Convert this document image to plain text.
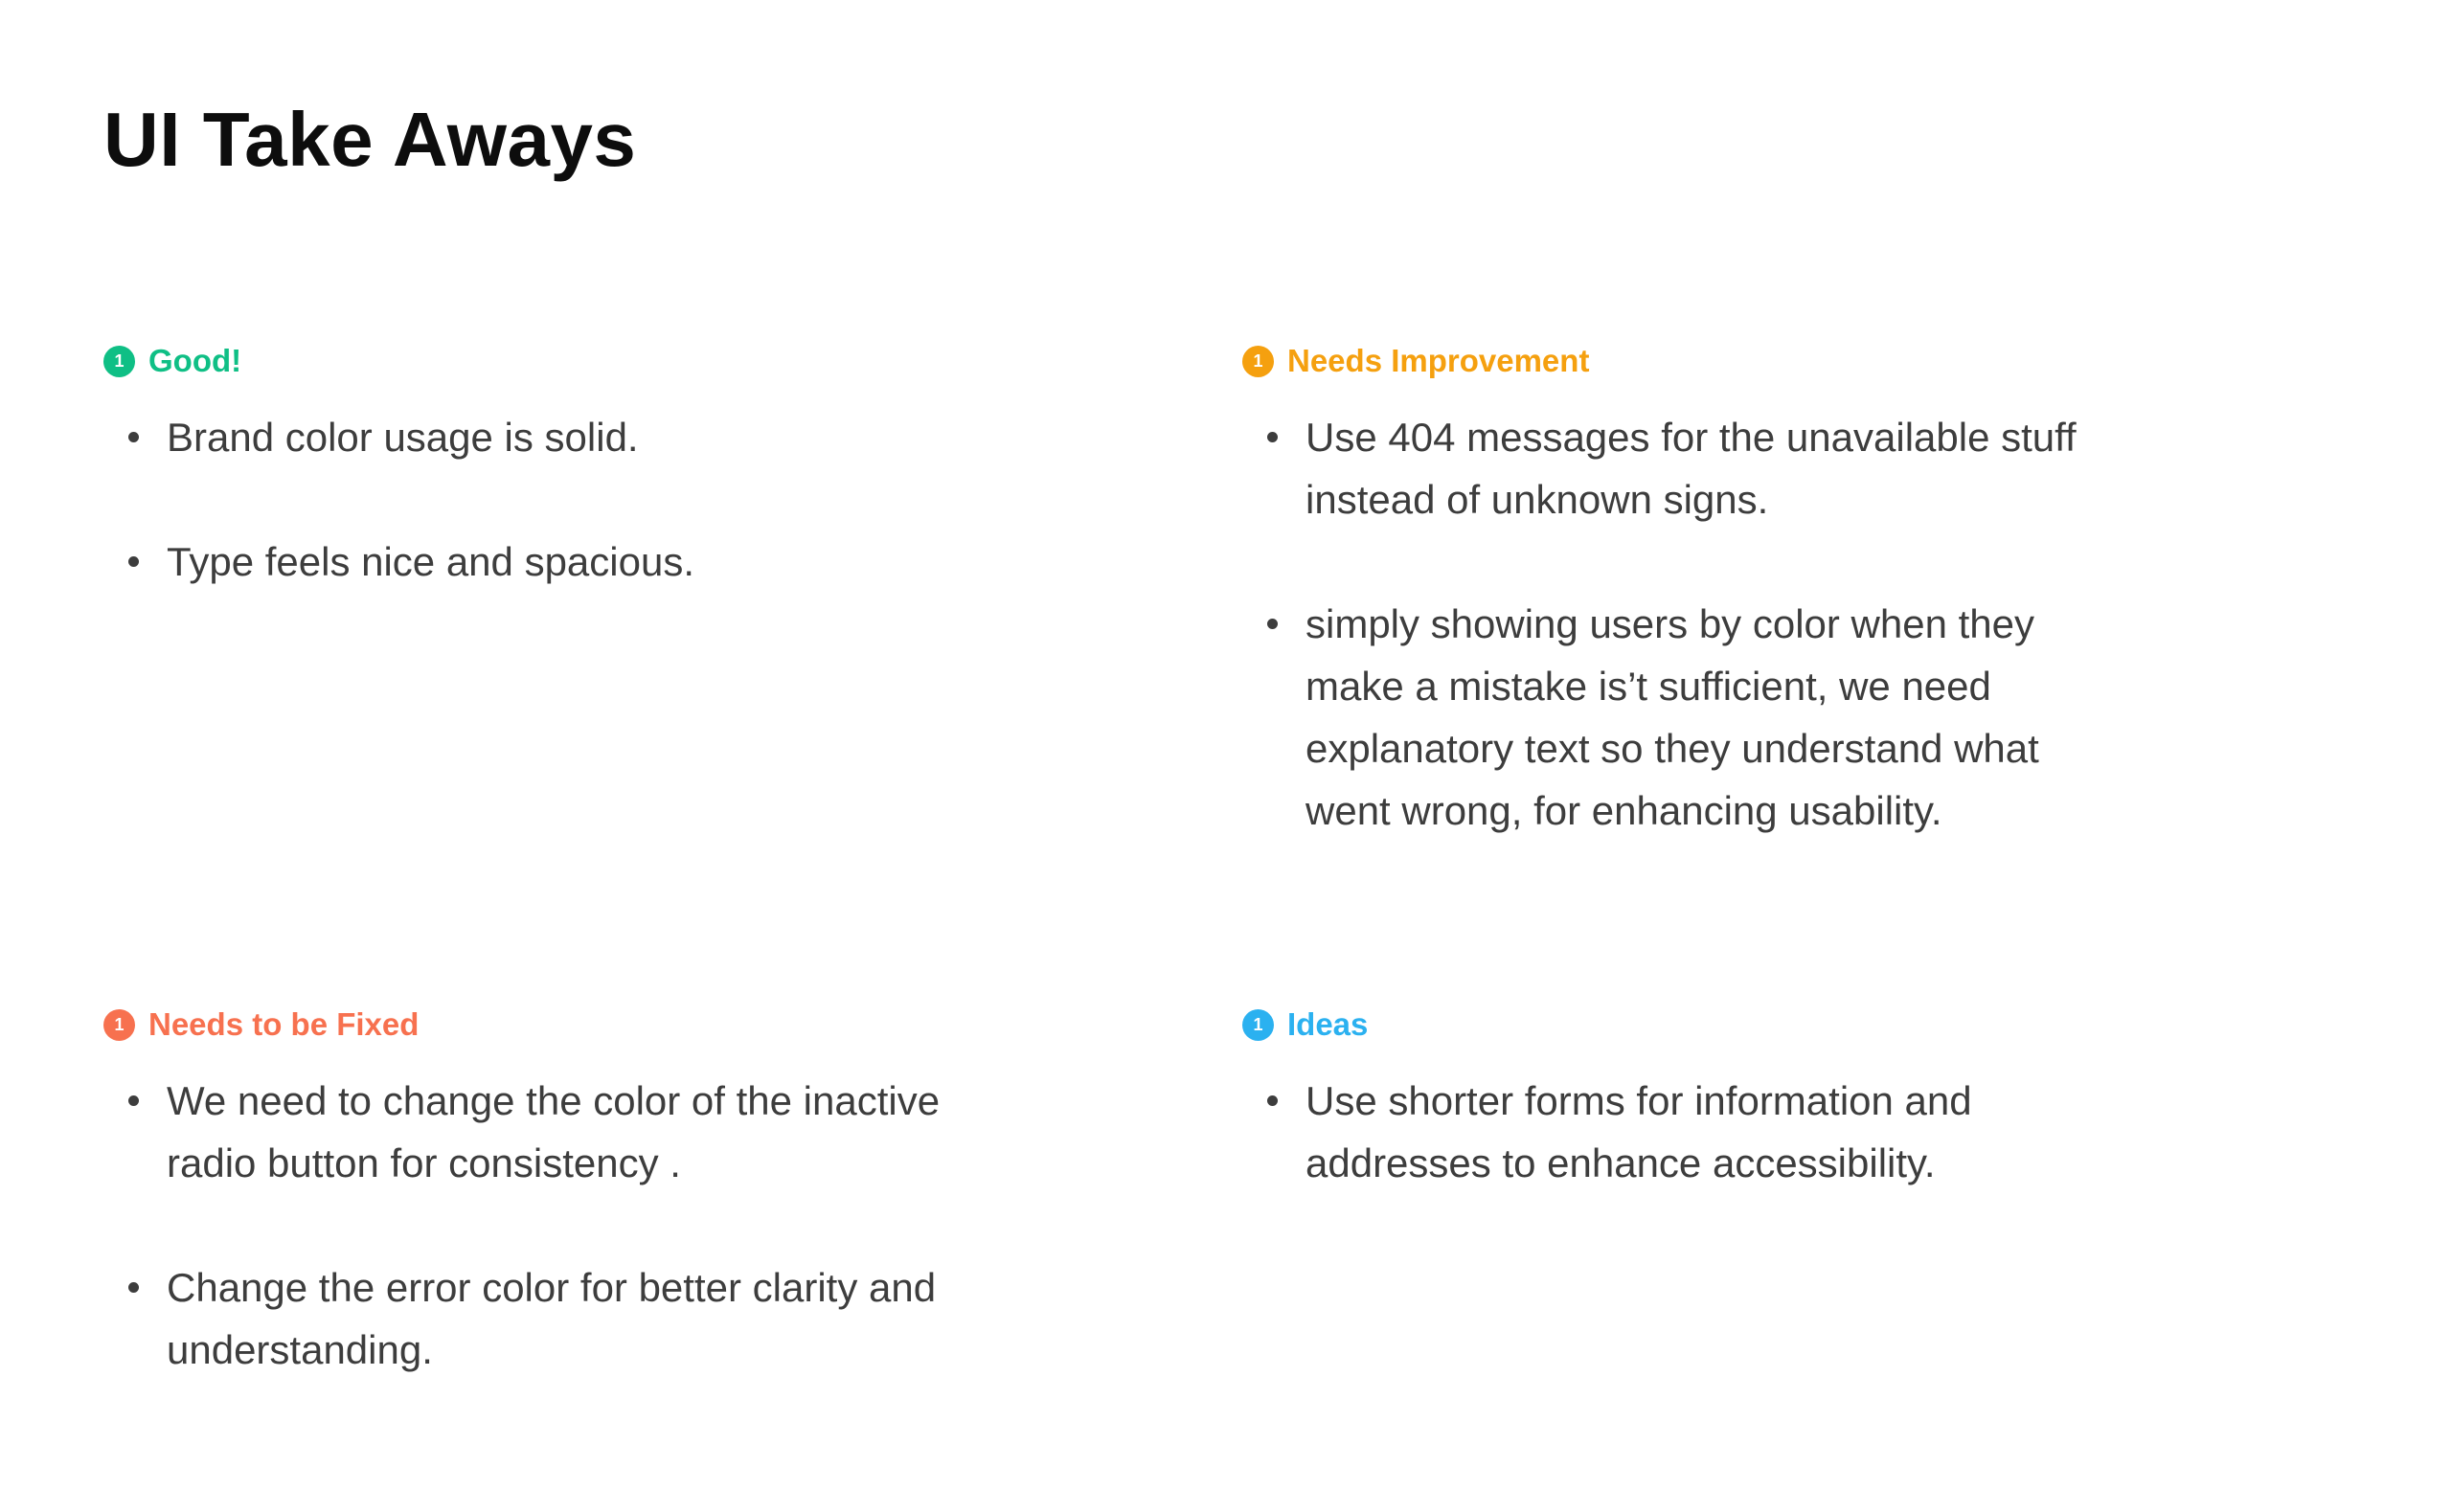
UI Take Aways
1 Good!
Brand color usage is solid.
Type feels nice and spacious.
1 Needs Improvement
Use 404 messages for the unavailable stuff instead of unknown signs.
simply showing users by color when they make a mistake is’t sufficient, we need explanatory text so they understand what went wrong, for enhancing usability.
1 Needs to be Fixed
We need to change the color of the inactive radio button for consistency .
Change the error color for better clarity and understanding.
1 Ideas
Use shorter forms for information and addresses to enhance accessibility.
